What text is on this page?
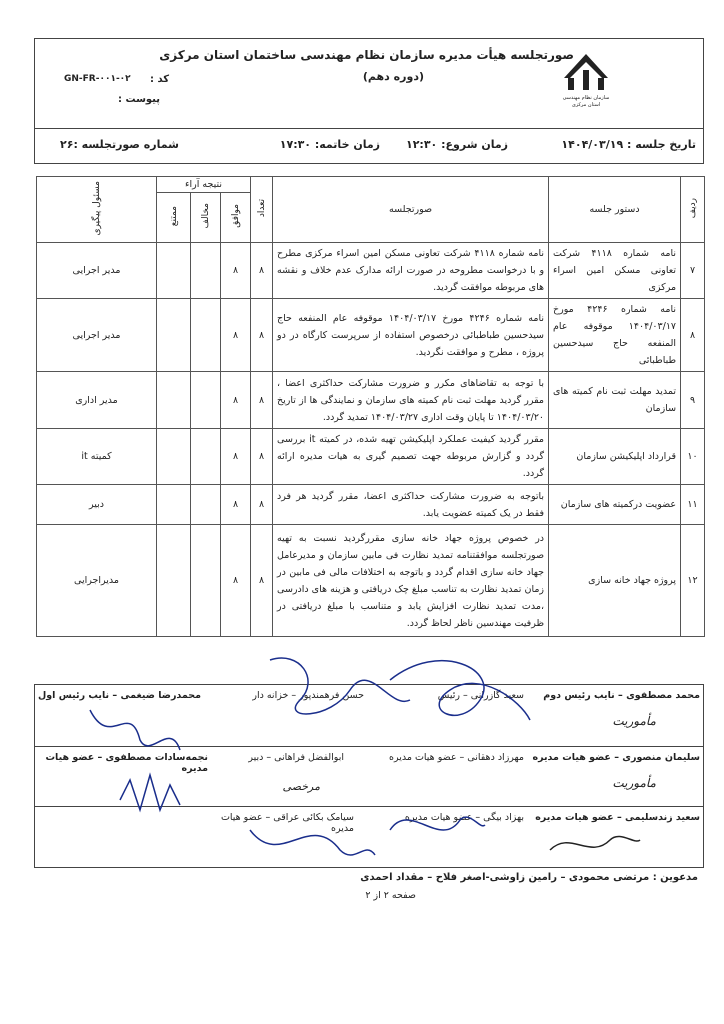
سازمان نظام مهندسی
استان مرکزی
صورتجلسه هیأت مدیره سازمان نظام مهندسی ساختمان استان مرکزی
(دوره دهم)
کد :
GN-FR-۰۰۱-۰۲
پیوست :
تاریخ جلسه : ۱۴۰۴/۰۳/۱۹
زمان شروع: ۱۲:۳۰
زمان خاتمه: ۱۷:۳۰
شماره صورتجلسه :۲۶
ردیف	دستور جلسه	صورتجلسه	تعداد	نتیجه آراء			مسئول پیگیری
				موافق	مخالف	ممتنع	
۷	نامه شماره ۴۱۱۸ شرکت تعاونی مسکن امین اسراء مرکزی	نامه شماره ۴۱۱۸ شرکت تعاونی مسکن امین اسراء مرکزی مطرح و با درخواست مطروحه در صورت ارائه مدارک عدم خلاف و نقشه های مربوطه موافقت گردید.	۸	۸			مدیر اجرایی
۸	نامه شماره ۴۲۴۶ مورخ ۱۴۰۴/۰۳/۱۷ موقوفه عام المنفعه حاج سیدحسین طباطبائی	نامه شماره ۴۲۴۶ مورخ ۱۴۰۴/۰۳/۱۷ موقوفه عام المنفعه حاج سیدحسین طباطبائی درخصوص استفاده از سرپرست کارگاه در دو پروژه ، مطرح و موافقت نگردید.	۸	۸			مدیر اجرایی
۹	تمدید مهلت ثبت نام کمیته های سازمان	با توجه به تقاضاهای مکرر و ضرورت مشارکت حداکثری اعضا ، مقرر گردید مهلت ثبت نام کمیته های سازمان و نمایندگی ها از تاریخ ۱۴۰۴/۰۳/۲۰ تا پایان وقت اداری ۱۴۰۴/۰۳/۲۷ تمدید گردد.	۸	۸			مدیر اداری
۱۰	قرارداد اپلیکیشن سازمان	مقرر گردید کیفیت عملکرد اپلیکیشن تهیه شده، در کمیته it بررسی گردد و گزارش مربوطه جهت تصمیم گیری به هیات مدیره ارائه گردد.	۸	۸			کمیته it
۱۱	عضویت درکمیته های سازمان	باتوجه به ضرورت مشارکت حداکثری اعضا، مقرر گردید هر فرد فقط در یک کمیته عضویت یابد.	۸	۸			دبیر
۱۲	پروژه جهاد خانه سازی	در خصوص پروژه جهاد خانه سازی مقررگردید نسبت به تهیه صورتجلسه موافقتنامه تمدید نظارت فی مابین سازمان و مدیرعامل جهاد خانه سازی اقدام گردد و باتوجه به اختلافات مالی فی مابین در زمان تمدید نظارت به تناسب مبلغ چک دریافتی و هزینه های دادرسی ،مدت تمدید نظارت افزایش یابد و متناسب با مبلغ دریافتی در ظرفیت مهندسین ناظر لحاظ گردد.	۸	۸			مدیراجرایی
محمد مصطفوی – نایب رئیس دوم
سعید گازرانی – رئیس
حسن فرهمندپور – خزانه دار
محمدرضا ضیغمی – نایب رئیس اول
سلیمان منصوری – عضو هیات مدیره
مهرزاد دهقانی – عضو هیات مدیره
ابوالفضل فراهانی – دبیر
نجمه‌سادات مصطفوی – عضو هیات مدیره
سعید زندسلیمی – عضو هیات مدیره
بهزاد بیگی – عضو هیات مدیره
سیامک بکائی عراقی – عضو هیات مدیره
مأموریت
مأموریت
مرخصی
مدعوین : مرتضی محمودی – رامین زاوشی-اصغر فلاح – مقداد احمدی
صفحه ۲ از ۲
